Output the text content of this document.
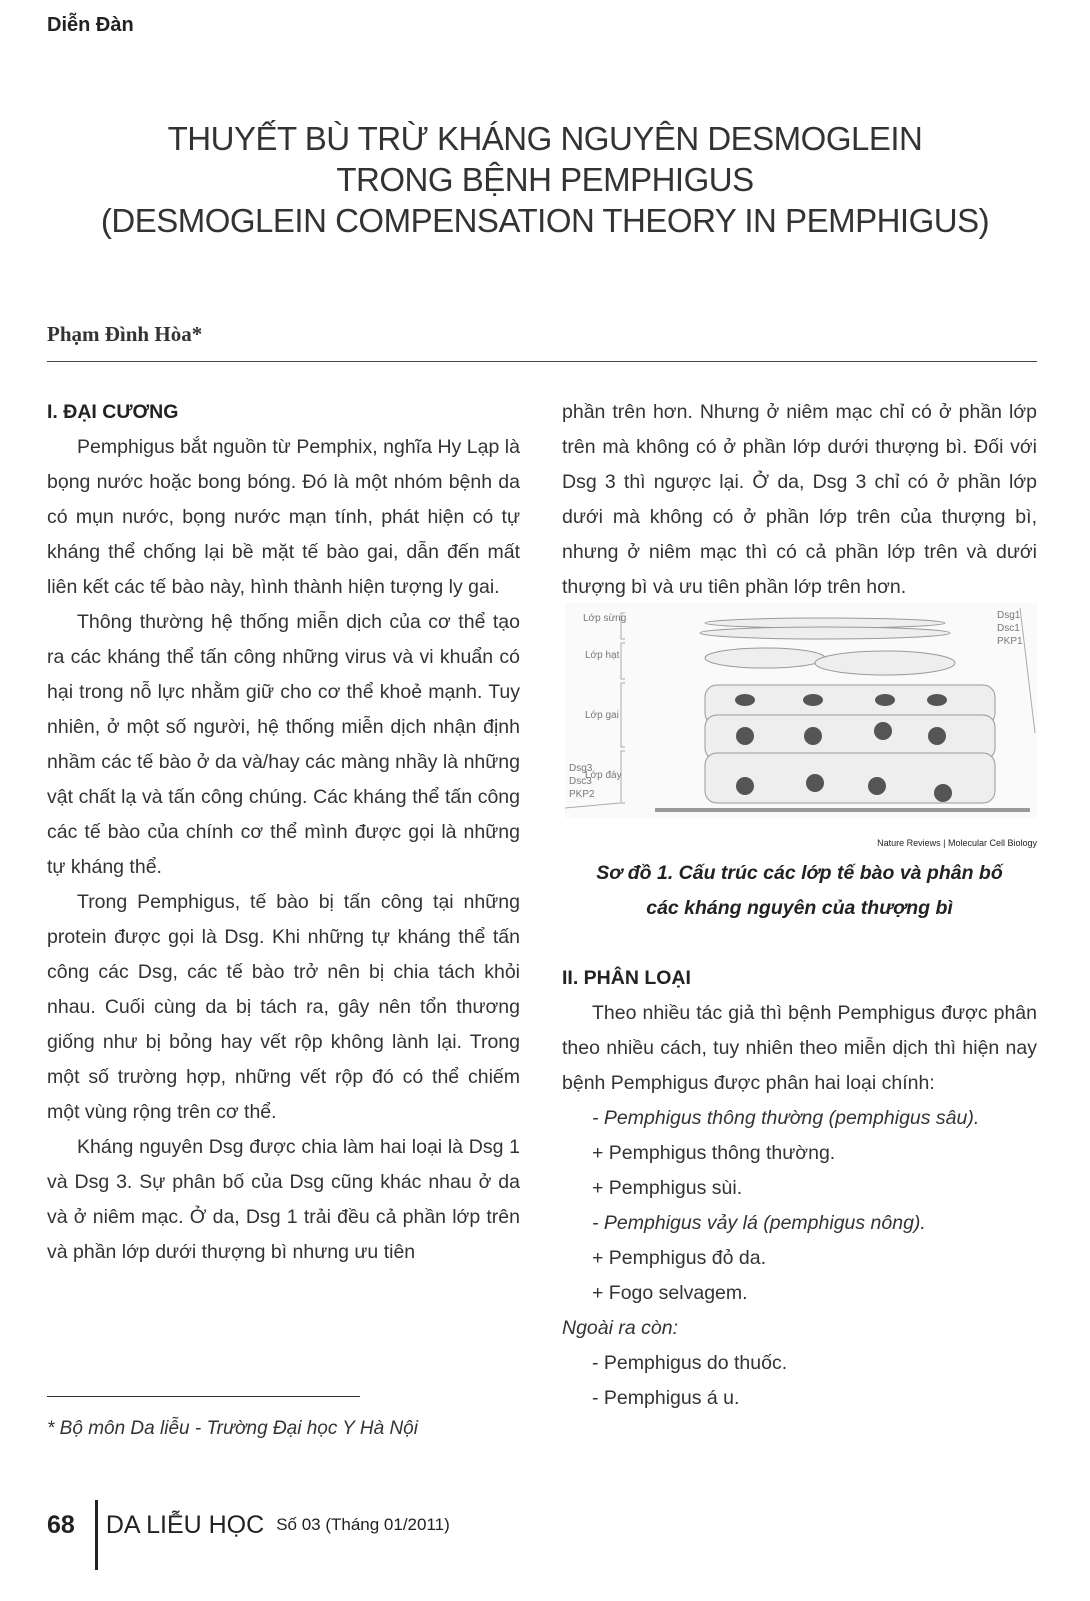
Diễn Đàn
THUYẾT BÙ TRỪ KHÁNG NGUYÊN DESMOGLEIN
TRONG BỆNH PEMPHIGUS
(DESMOGLEIN COMPENSATION THEORY IN PEMPHIGUS)
Phạm Đình Hòa*
I. ĐẠI CƯƠNG

Pemphigus bắt nguồn từ Pemphix, nghĩa Hy Lạp là bọng nước hoặc bong bóng. Đó là một nhóm bệnh da có mụn nước, bọng nước mạn tính, phát hiện có tự kháng thể chống lại bề mặt tế bào gai, dẫn đến mất liên kết các tế bào này, hình thành hiện tượng ly gai.

Thông thường hệ thống miễn dịch của cơ thể tạo ra các kháng thể tấn công những virus và vi khuẩn có hại trong nỗ lực nhằm giữ cho cơ thể khoẻ mạnh. Tuy nhiên, ở một số người, hệ thống miễn dịch nhận định nhầm các tế bào ở da và/hay các màng nhầy là những vật chất lạ và tấn công chúng. Các kháng thể tấn công các tế bào của chính cơ thể mình được gọi là những tự kháng thể.

Trong Pemphigus, tế bào bị tấn công tại những protein được gọi là Dsg. Khi những tự kháng thể tấn công các Dsg, các tế bào trở nên bị chia tách khỏi nhau. Cuối cùng da bị tách ra, gây nên tổn thương giống như bị bỏng hay vết rộp không lành lại. Trong một số trường hợp, những vết rộp đó có thể chiếm một vùng rộng trên cơ thể.

Kháng nguyên Dsg được chia làm hai loại là Dsg 1 và Dsg 3. Sự phân bố của Dsg cũng khác nhau ở da và ở niêm mạc. Ở da, Dsg 1 trải đều cả phần lớp trên và phần lớp dưới thượng bì nhưng ưu tiên

phần trên hơn. Nhưng ở niêm mạc chỉ có ở phần lớp trên mà không có ở phần lớp dưới thượng bì. Đối với Dsg 3 thì ngược lại. Ở da, Dsg 3 chỉ có ở phần lớp dưới mà không có ở phần lớp trên của thượng bì, nhưng ở niêm mạc thì có cả phần lớp trên và dưới thượng bì và ưu tiên phần lớp trên hơn.
Lớp sừng
Lớp hạt
Lớp gai
Lớp đáy
Dsg1
Dsc1
PKP1
Dsg3
Dsc3
PKP2
Nature Reviews | Molecular Cell Biology
Sơ đồ 1. Cấu trúc các lớp tế bào và phân bố
các kháng nguyên của thượng bì
II. PHÂN LOẠI

Theo nhiều tác giả thì bệnh Pemphigus được phân theo nhiều cách, tuy nhiên theo miễn dịch thì hiện nay bệnh Pemphigus được phân hai loại chính:

- Pemphigus thông thường (pemphigus sâu).
+ Pemphigus thông thường.
+ Pemphigus sùi.
- Pemphigus vảy lá (pemphigus nông).
+ Pemphigus đỏ da.
+ Fogo selvagem.
Ngoài ra còn:
- Pemphigus do thuốc.
- Pemphigus á u.
* Bộ môn Da liễu - Trường Đại học Y Hà Nội
68 DA LIỄU HỌC Số 03 (Tháng 01/2011)
